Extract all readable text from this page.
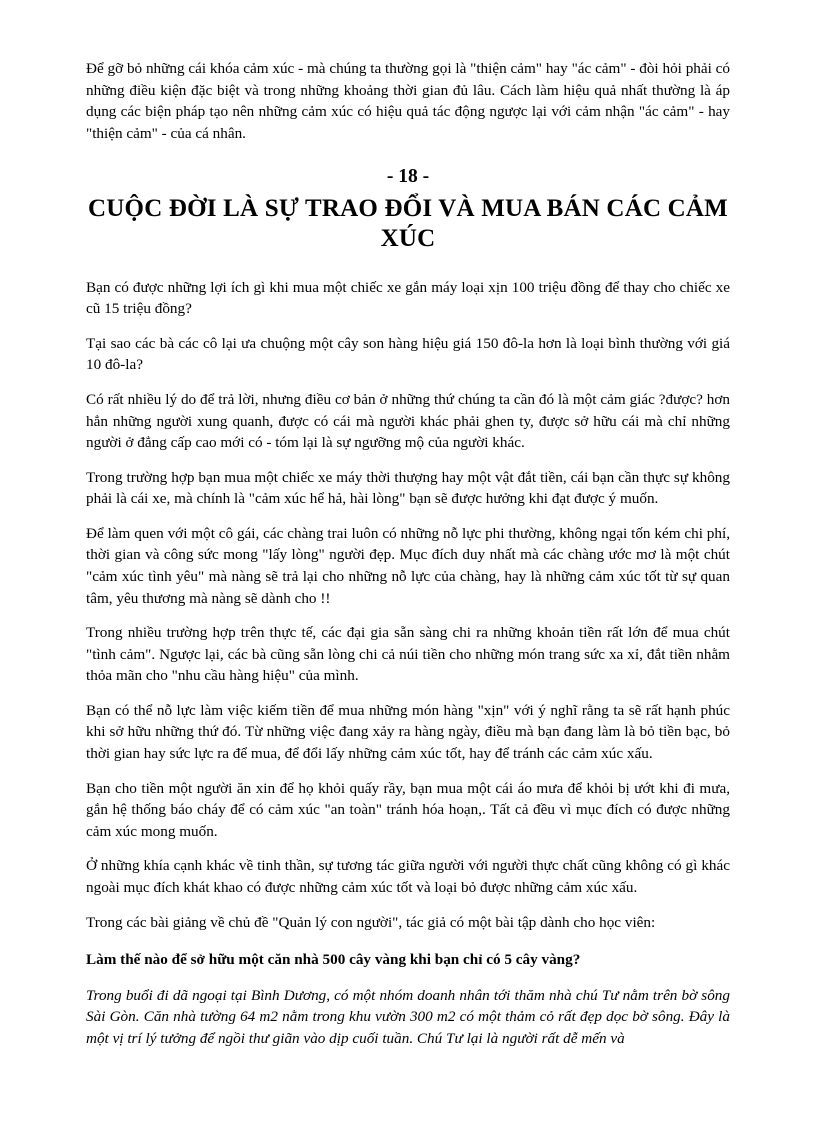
Để gỡ bỏ những cái khóa cảm xúc - mà chúng ta thường gọi là "thiện cảm" hay "ác cảm" - đòi hỏi phải có những điều kiện đặc biệt và trong những khoảng thời gian đủ lâu. Cách làm hiệu quả nhất thường là áp dụng các biện pháp tạo nên những cảm xúc có hiệu quả tác động ngược lại với cảm nhận "ác cảm" - hay "thiện cảm" - của cá nhân.

- 18 -
CUỘC ĐỜI LÀ SỰ TRAO ĐỔI VÀ MUA BÁN CÁC CẢM XÚC

Bạn có được những lợi ích gì khi mua một chiếc xe gắn máy loại xịn 100 triệu đồng để thay cho chiếc xe cũ 15 triệu đồng?

Tại sao các bà các cô lại ưa chuộng một cây son hàng hiệu giá 150 đô-la hơn là loại bình thường với giá 10 đô-la?

Có rất nhiều lý do để trả lời, nhưng điều cơ bản ở những thứ chúng ta cần đó là một cảm giác ?được? hơn hẳn những người xung quanh, được có cái mà người khác phải ghen ty, được sở hữu cái mà chỉ những người ở đẳng cấp cao mới có - tóm lại là sự ngưỡng mộ của người khác.

Trong trường hợp bạn mua một chiếc xe máy thời thượng hay một vật đắt tiền, cái bạn cần thực sự không phải là cái xe, mà chính là "cảm xúc hể hả, hài lòng" bạn sẽ được hưởng khi đạt được ý muốn.

Để làm quen với một cô gái, các chàng trai luôn có những nỗ lực phi thường, không ngại tốn kém chi phí, thời gian và công sức mong "lấy lòng" người đẹp. Mục đích duy nhất mà các chàng ước mơ là một chút "cảm xúc tình yêu" mà nàng sẽ trả lại cho những nỗ lực của chàng, hay là những cảm xúc tốt từ sự quan tâm, yêu thương mà nàng sẽ dành cho !!

Trong nhiều trường hợp trên thực tế, các đại gia sẵn sàng chi ra những khoản tiền rất lớn để mua chút "tình cảm". Ngược lại, các bà cũng sẵn lòng chi cả núi tiền cho những món trang sức xa xỉ, đắt tiền nhằm thỏa mãn cho "nhu cầu hàng hiệu" của mình.

Bạn có thể nỗ lực làm việc kiếm tiền để mua những món hàng "xịn" với ý nghĩ rằng ta sẽ rất hạnh phúc khi sở hữu những thứ đó. Từ những việc đang xảy ra hàng ngày, điều mà bạn đang làm là bỏ tiền bạc, bỏ thời gian hay sức lực ra để mua, để đổi lấy những cảm xúc tốt, hay để tránh các cảm xúc xấu.

Bạn cho tiền một người ăn xin để họ khỏi quấy rầy, bạn mua một cái áo mưa để khỏi bị ướt khi đi mưa, gắn hệ thống báo cháy để có cảm xúc "an toàn" tránh hóa hoạn,. Tất cả đều vì mục đích có được những cảm xúc mong muốn.

Ở những khía cạnh khác về tinh thần, sự tương tác giữa người với người thực chất cũng không có gì khác ngoài mục đích khát khao có được những cảm xúc tốt và loại bỏ được những cảm xúc xấu.

Trong các bài giảng về chủ đề "Quản lý con người", tác giả có một bài tập dành cho học viên:

Làm thế nào để sở hữu một căn nhà 500 cây vàng khi bạn chỉ có 5 cây vàng?

Trong buổi đi dã ngoại tại Bình Dương, có một nhóm doanh nhân tới thăm nhà chú Tư nằm trên bờ sông Sài Gòn. Căn nhà tường 64 m2 nằm trong khu vườn 300 m2 có một thảm cỏ rất đẹp dọc bờ sông. Đây là một vị trí lý tưởng để ngồi thư giãn vào dịp cuối tuần. Chú Tư lại là người rất dễ mến và
